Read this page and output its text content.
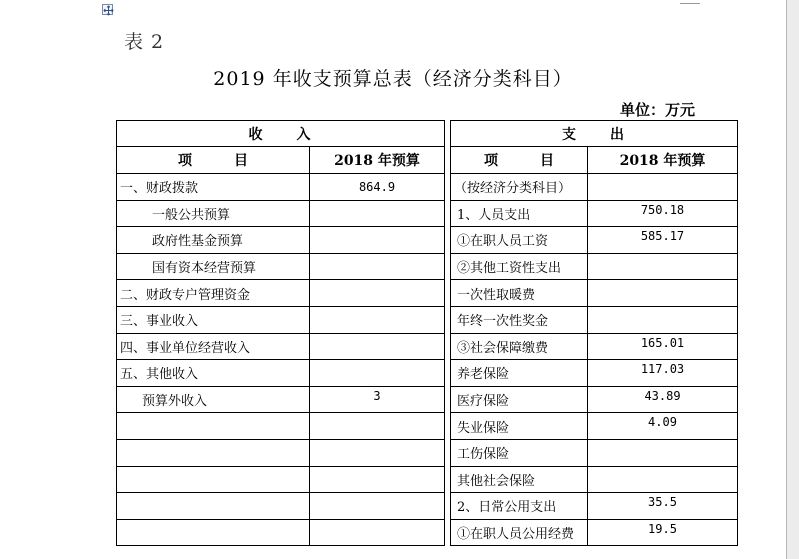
表 2
2019 年收支预算总表（经济分类科目）
单位：万元
收　　入			支　　出	
项　　　目	2018 年预算		项　　　目	2018 年预算
一、财政拨款	864.9		（按经济分类科目）	
一般公共预算			1、人员支出	750.18
政府性基金预算			①在职人员工资	585.17
国有资本经营预算			②其他工资性支出	
二、财政专户管理资金			一次性取暖费	
三、事业收入			年终一次性奖金	
四、事业单位经营收入			③社会保障缴费	165.01
五、其他收入			养老保险	117.03
预算外收入	3		医疗保险	43.89
			失业保险	4.09
			工伤保险	
			其他社会保险	
			2、日常公用支出	35.5
			①在职人员公用经费	19.5
